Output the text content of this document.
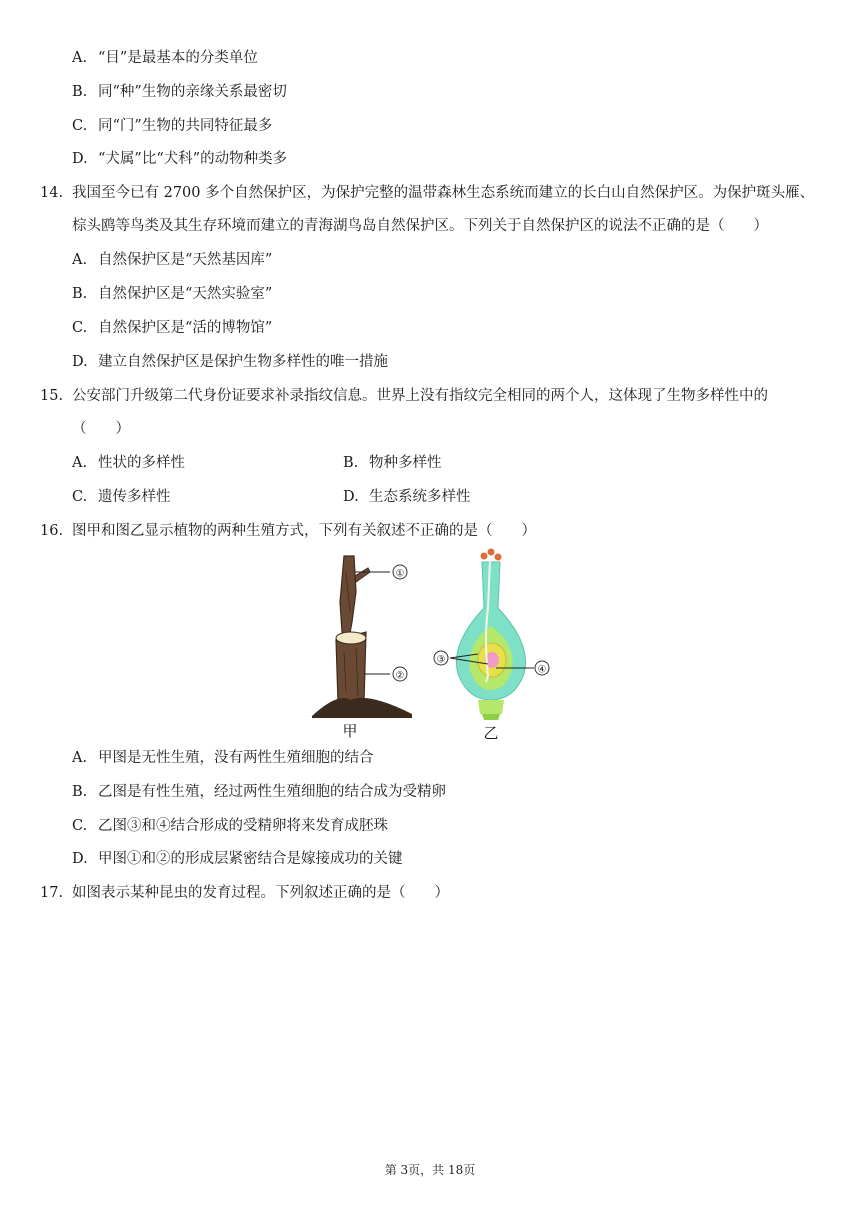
A. “目”是最基本的分类单位
B. 同“种”生物的亲缘关系最密切
C. 同“门”生物的共同特征最多
D. “犬属”比“犬科”的动物种类多
14. 我国至今已有 2700 多个自然保护区，为保护完整的温带森林生态系统而建立的长白山自然保护区。为保护斑头雁、
棕头鸥等鸟类及其生存环境而建立的青海湖鸟岛自然保护区。下列关于自然保护区的说法不正确的是（　　）
A. 自然保护区是“天然基因库”
B. 自然保护区是“天然实验室”
C. 自然保护区是“活的博物馆”
D. 建立自然保护区是保护生物多样性的唯一措施
15. 公安部门升级第二代身份证要求补录指纹信息。世界上没有指纹完全相同的两个人，这体现了生物多样性中的
（　　）
A. 性状的多样性	B. 物种多样性
C. 遗传多样性	D. 生态系统多样性
16. 图甲和图乙显示植物的两种生殖方式，下列有关叙述不正确的是（　　）
①
②
甲
③
④
乙
A. 甲图是无性生殖，没有两性生殖细胞的结合
B. 乙图是有性生殖，经过两性生殖细胞的结合成为受精卵
C. 乙图③和④结合形成的受精卵将来发育成胚珠
D. 甲图①和②的形成层紧密结合是嫁接成功的关键
17. 如图表示某种昆虫的发育过程。下列叙述正确的是（　　）
第 3页，共 18页
